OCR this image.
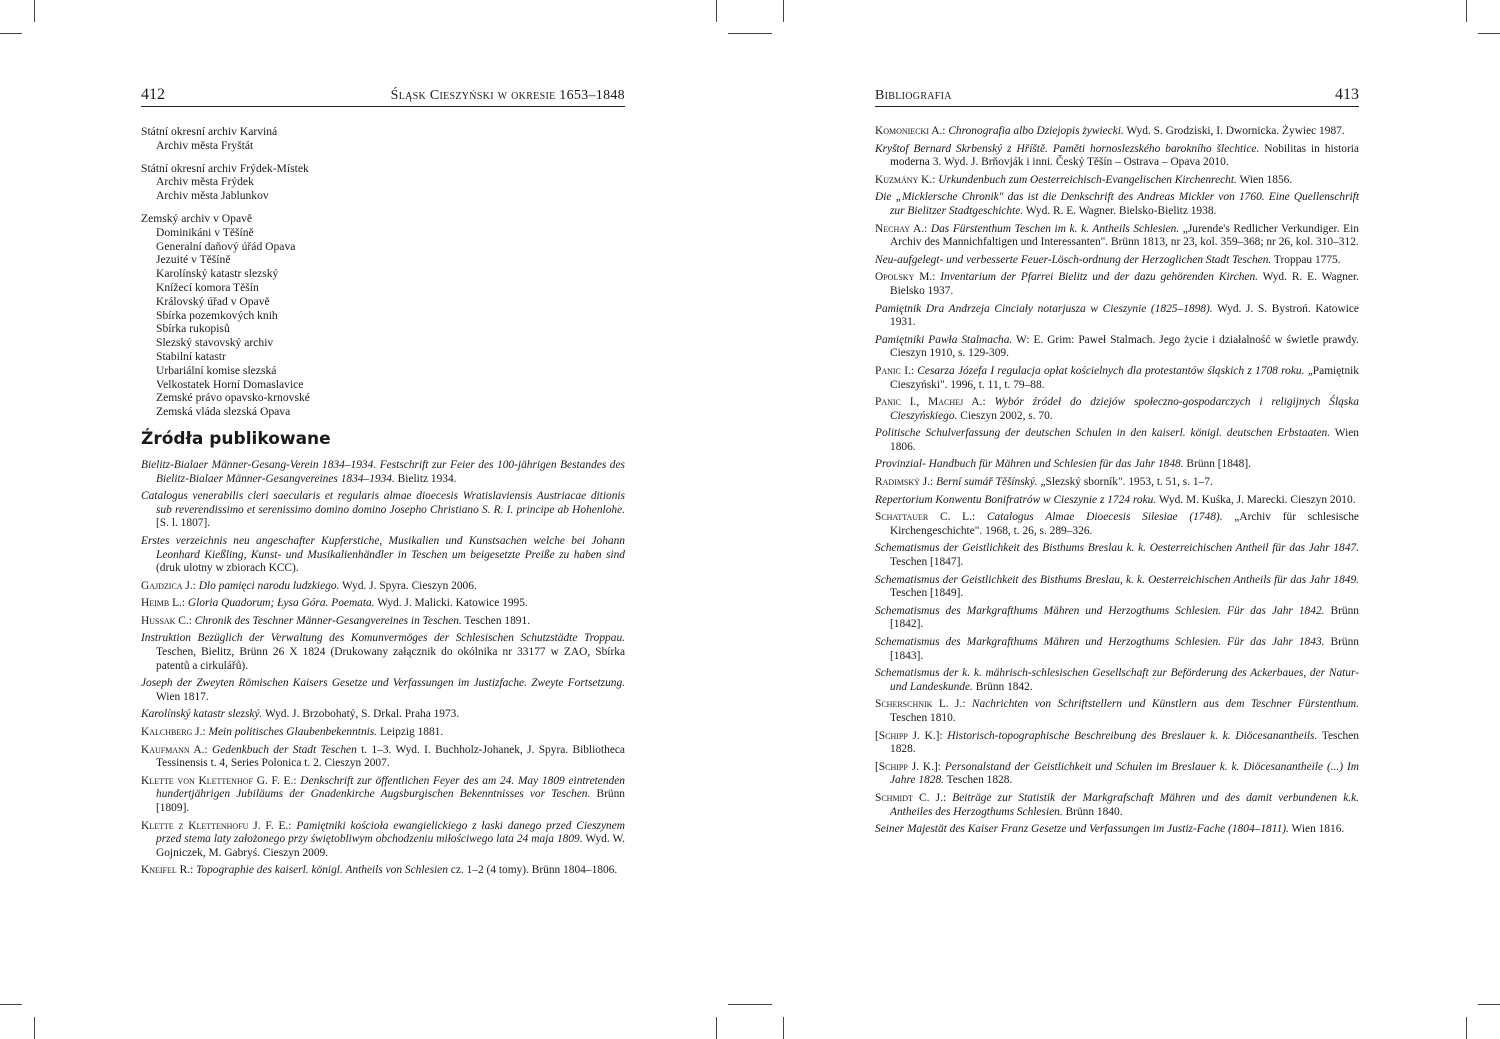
412	Śląsk Cieszyński w okresie 1653–1848
Státní okresní archiv Karviná
Archiv města Fryštát
Státní okresní archiv Frýdek-Místek
Archiv města Frýdek
Archiv města Jablunkov
Zemský archiv v Opavě
Dominikáni v Těšíně
Generalní daňový úřád Opava
Jezuité v Těšíně
Karolínský katastr slezský
Knížecí komora Těšín
Královský úřad v Opavě
Sbírka pozemkových knih
Sbírka rukopisů
Slezský stavovský archiv
Stabilní katastr
Urbariální komise slezská
Velkostatek Horní Domaslavice
Zemské právo opavsko-krnovské
Zemská vláda slezská Opava
Źródła publikowane
Bielitz-Bialaer Männer-Gesang-Verein 1834–1934. Festschrift zur Feier des 100-jährigen Bestandes des Bielitz-Bialaer Männer-Gesangvereines 1834–1934. Bielitz 1934.
Catalogus venerabilis cleri saecularis et regularis almae dioecesis Wratislaviensis Austriacae ditionis sub reverendissimo et serenissimo domino domino Josepho Christiano S. R. I. principe ab Hohenlohe. [S. l. 1807].
Erstes verzeichnis neu angeschafter Kupferstiche, Musikalien und Kunstsachen welche bei Johann Leonhard Kießling, Kunst- und Musikalienhändler in Teschen um beigesetzte Preiße zu haben sind (druk ulotny w zbiorach KCC).
Gajdzica J.: Dlo pamięci narodu ludzkiego. Wyd. J. Spyra. Cieszyn 2006.
Heimb L.: Gloria Quadorum; Łysa Góra. Poemata. Wyd. J. Malicki. Katowice 1995.
Hussak C.: Chronik des Teschner Männer-Gesangvereines in Teschen. Teschen 1891.
Instruktion Bezüglich der Verwaltung des Komunvermöges der Schlesischen Schutzstädte Troppau. Teschen, Bielitz, Brünn 26 X 1824 (Drukowany załącznik do okólnika nr 33177 w ZAO, Sbírka patentů a cirkulářů).
Joseph der Zweyten Römischen Kaisers Gesetze und Verfassungen im Justizfache. Zweyte Fortsetzung. Wien 1817.
Karolínský katastr slezský. Wyd. J. Brzobohatý, S. Drkal. Praha 1973.
Kalchberg J.: Mein politisches Glaubenbekenntnis. Leipzig 1881.
Kaufmann A.: Gedenkbuch der Stadt Teschen t. 1–3. Wyd. I. Buchholz-Johanek, J. Spyra. Bibliotheca Tessinensis t. 4, Series Polonica t. 2. Cieszyn 2007.
Klette von Klettenhof G. F. E.: Denkschrift zur öffentlichen Feyer des am 24. May 1809 eintretenden hundertjährigen Jubiläums der Gnadenkirche Augsburgischen Bekenntnisses vor Teschen. Brünn [1809].
Klette z Klettenhofu J. F. E.: Pamiętniki kościoła ewangielickiego z łaski danego przed Cieszynem przed stema laty założonego przy świętobliwym obchodzeniu miłościwego lata 24 maja 1809. Wyd. W. Gojniczek, M. Gabryś. Cieszyn 2009.
Kneifel R.: Topographie des kaiserl. königl. Antheils von Schlesien cz. 1–2 (4 tomy). Brünn 1804–1806.
Bibliografia	413
Komoniecki A.: Chronografia albo Dziejopis żywiecki. Wyd. S. Grodziski, I. Dwornicka. Żywiec 1987.
Kryštof Bernard Skrbenský z Hříště. Paměti hornoslezského barokního šlechtice. Nobilitas in historia moderna 3. Wyd. J. Brňovják i inni. Český Těšín – Ostrava – Opava 2010.
Kuzmány K.: Urkundenbuch zum Oesterreichisch-Evangelischen Kirchenrecht. Wien 1856.
Die „Micklersche Chronik" das ist die Denkschrift des Andreas Mickler von 1760. Eine Quellenschrift zur Bielitzer Stadtgeschichte. Wyd. R. E. Wagner. Bielsko-Bielitz 1938.
Nechay A.: Das Fürstenthum Teschen im k. k. Antheils Schlesien. „Jurende's Redlicher Verkundiger. Ein Archiv des Mannichfaltigen und Interessanten". Brünn 1813, nr 23, kol. 359–368; nr 26, kol. 310–312.
Neu-aufgelegt- und verbesserte Feuer-Lösch-ordnung der Herzoglichen Stadt Teschen. Troppau 1775.
Opolsky M.: Inventarium der Pfarrei Bielitz und der dazu gehörenden Kirchen. Wyd. R. E. Wagner. Bielsko 1937.
Pamiętnik Dra Andrzeja Cinciały notarjusza w Cieszynie (1825–1898). Wyd. J. S. Bystroń. Katowice 1931.
Pamiętniki Pawła Stalmacha. W: E. Grim: Paweł Stalmach. Jego życie i działalność w świetle prawdy. Cieszyn 1910, s. 129-309.
Panic I.: Cesarza Józefa I regulacja opłat kościelnych dla protestantów śląskich z 1708 roku. „Pamiętnik Cieszyński". 1996, t. 11, t. 79–88.
Panic I., Machej A.: Wybór źródeł do dziejów społeczno-gospodarczych i religijnych Śląska Cieszyńskiego. Cieszyn 2002, s. 70.
Politische Schulverfassung der deutschen Schulen in den kaiserl. königl. deutschen Erbstaaten. Wien 1806.
Provinzial- Handbuch für Mähren und Schlesien für das Jahr 1848. Brünn [1848].
Radimský J.: Berní sumář Těšínský. „Slezský sborník". 1953, t. 51, s. 1–7.
Repertorium Konwentu Bonifratrów w Cieszynie z 1724 roku. Wyd. M. Kuśka, J. Marecki. Cieszyn 2010.
Schattauer C. L.: Catalogus Almae Dioecesis Silesiae (1748). „Archiv für schlesische Kirchengeschichte". 1968, t. 26, s. 289–326.
Schematismus der Geistlichkeit des Bisthums Breslau k. k. Oesterreichischen Antheil für das Jahr 1847. Teschen [1847].
Schematismus der Geistlichkeit des Bisthums Breslau, k. k. Oesterreichischen Antheils für das Jahr 1849. Teschen [1849].
Schematismus des Markgrafthums Mähren und Herzogthums Schlesien. Für das Jahr 1842. Brünn [1842].
Schematismus des Markgrafthums Mähren und Herzogthums Schlesien. Für das Jahr 1843. Brünn [1843].
Schematismus der k. k. mährisch-schlesischen Gesellschaft zur Beförderung des Ackerbaues, der Natur- und Landeskunde. Brünn 1842.
Scherschnik L. J.: Nachrichten von Schriftstellern und Künstlern aus dem Teschner Fürstenthum. Teschen 1810.
[Schipp J. K.]: Historisch-topographische Beschreibung des Breslauer k. k. Diöcesanantheils. Teschen 1828.
[Schipp J. K.]: Personalstand der Geistlichkeit und Schulen im Breslauer k. k. Diöcesanantheile (...) Im Jahre 1828. Teschen 1828.
Schmidt C. J.: Beiträge zur Statistik der Markgrafschaft Mähren und des damit verbundenen k.k. Antheiles des Herzogthums Schlesien. Brünn 1840.
Seiner Majestät des Kaiser Franz Gesetze und Verfassungen im Justiz-Fache (1804–1811). Wien 1816.
